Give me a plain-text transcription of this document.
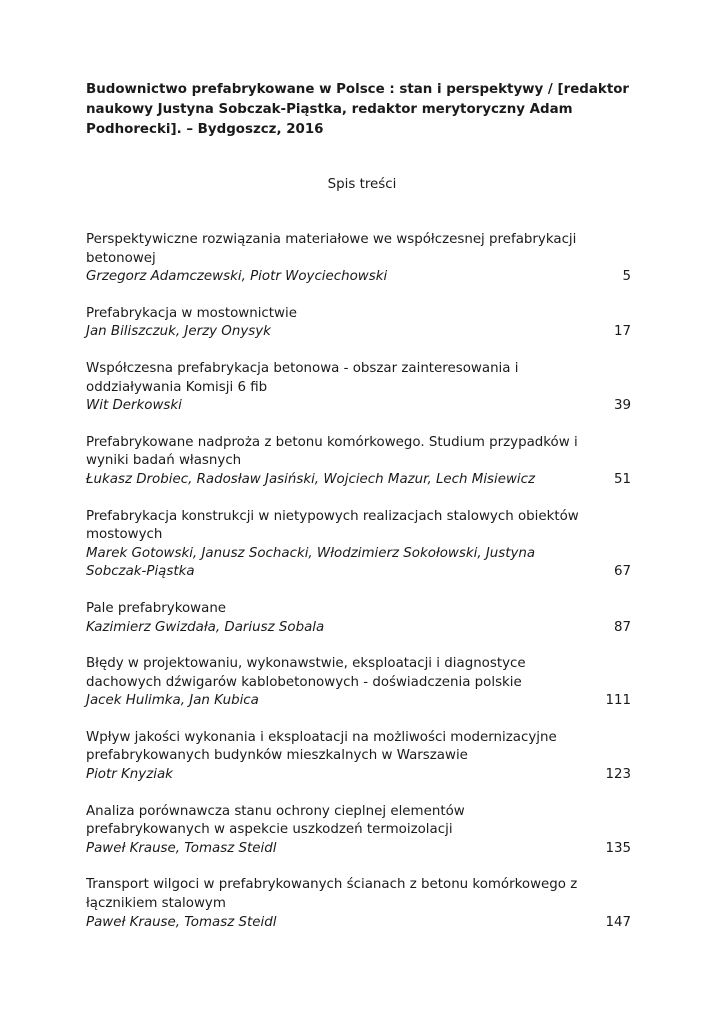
Budownictwo prefabrykowane w Polsce : stan i perspektywy / [redaktor naukowy Justyna Sobczak-Piąstka, redaktor merytoryczny Adam Podhorecki]. – Bydgoszcz, 2016

Spis treści
Perspektywiczne rozwiązania materiałowe we współczesnej prefabrykacji betonowej
Grzegorz Adamczewski, Piotr Woyciechowski	5
Prefabrykacja w mostownictwie
Jan Biliszczuk, Jerzy Onysyk	17
Współczesna prefabrykacja betonowa - obszar zainteresowania i oddziaływania Komisji 6 fib
Wit Derkowski	39
Prefabrykowane nadproża z betonu komórkowego. Studium przypadków i wyniki badań własnych
Łukasz Drobiec, Radosław Jasiński, Wojciech Mazur, Lech Misiewicz	51
Prefabrykacja konstrukcji w nietypowych realizacjach stalowych obiektów mostowych
Marek Gotowski, Janusz Sochacki, Włodzimierz Sokołowski, Justyna Sobczak-Piąstka	67
Pale prefabrykowane
Kazimierz Gwizdała, Dariusz Sobala	87
Błędy w projektowaniu, wykonawstwie, eksploatacji i diagnostyce dachowych dźwigarów kablobetonowych - doświadczenia polskie
Jacek Hulimka, Jan Kubica	111
Wpływ jakości wykonania i eksploatacji na możliwości modernizacyjne prefabrykowanych budynków mieszkalnych w Warszawie
Piotr Knyziak	123
Analiza porównawcza stanu ochrony cieplnej elementów prefabrykowanych w aspekcie uszkodzeń termoizolacji
Paweł Krause, Tomasz Steidl	135
Transport wilgoci w prefabrykowanych ścianach z betonu komórkowego z łącznikiem stalowym
Paweł Krause, Tomasz Steidl	147
